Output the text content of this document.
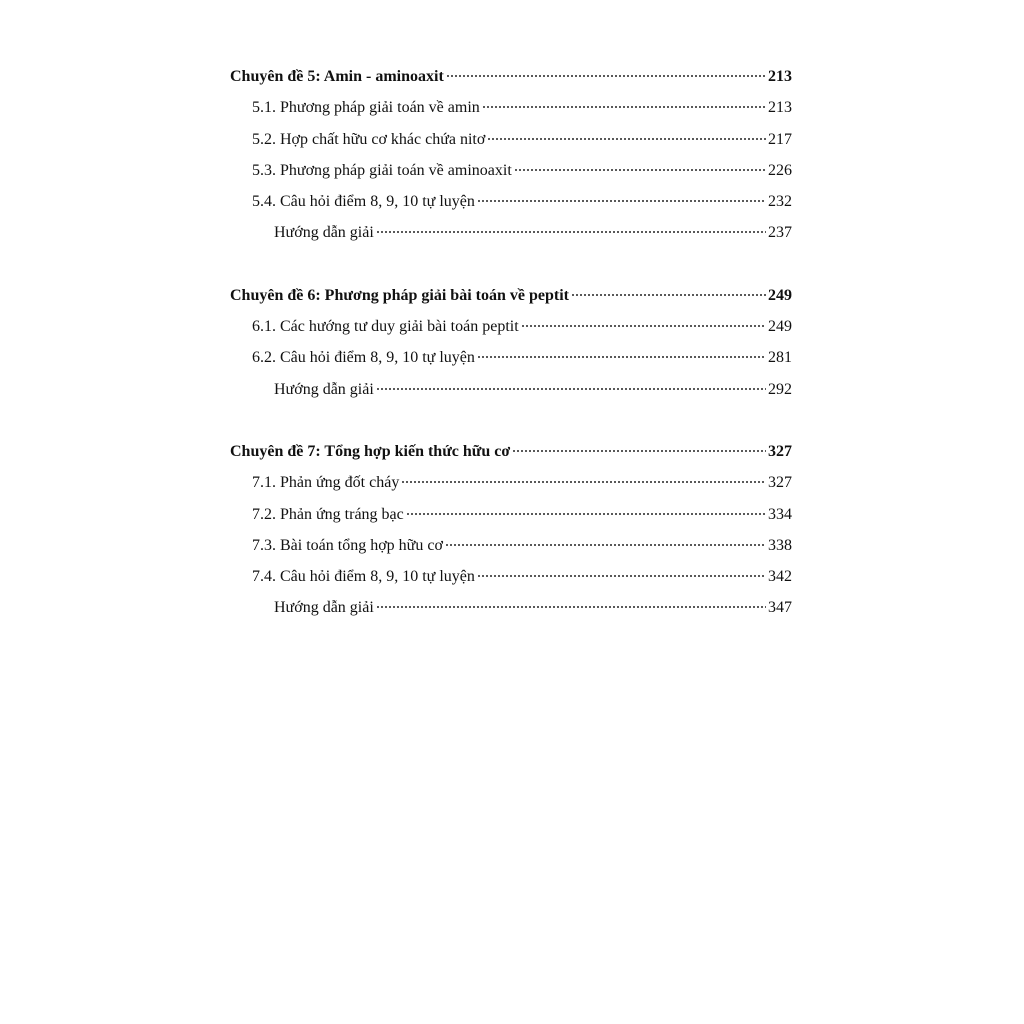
Chuyên đề 5: Amin - aminoaxit	213
5.1. Phương pháp giải toán về amin	213
5.2. Hợp chất hữu cơ khác chứa nitơ	217
5.3. Phương pháp giải toán về aminoaxit	226
5.4. Câu hỏi điểm 8, 9, 10 tự luyện	232
Hướng dẫn giải	237
Chuyên đề 6: Phương pháp giải bài toán về peptit	249
6.1. Các hướng tư duy giải bài toán peptit	249
6.2. Câu hỏi điểm 8, 9, 10 tự luyện	281
Hướng dẫn giải	292
Chuyên đề 7: Tổng hợp kiến thức hữu cơ	327
7.1. Phản ứng đốt cháy	327
7.2. Phản ứng tráng bạc	334
7.3. Bài toán tổng hợp hữu cơ	338
7.4. Câu hỏi điểm 8, 9, 10 tự luyện	342
Hướng dẫn giải	347
